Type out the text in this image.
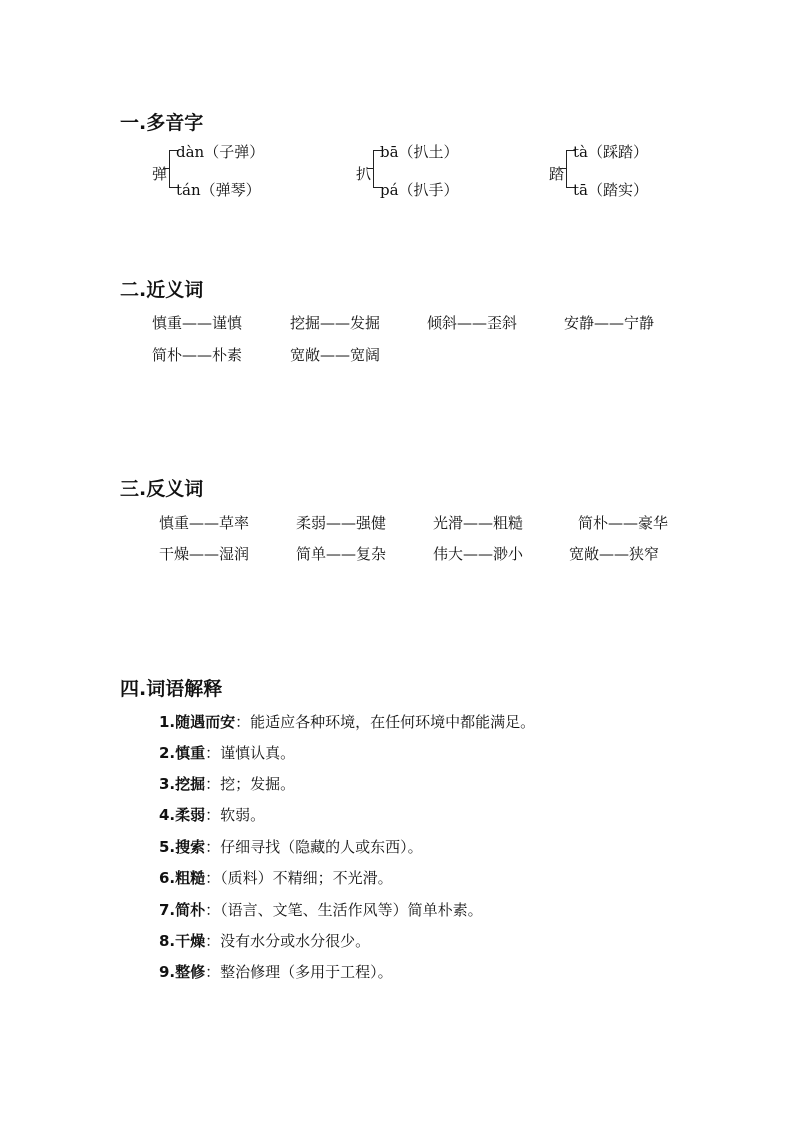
一.多音字
弹
dàn（子弹）
tán（弹琴）
扒
bā（扒土）
pá（扒手）
踏
tà（踩踏）
tā（踏实）
二.近义词
慎重——谨慎	挖掘——发掘	倾斜——歪斜	安静——宁静
简朴——朴素	宽敞——宽阔
三.反义词
慎重——草率	柔弱——强健	光滑——粗糙	简朴——豪华
干燥——湿润	简单——复杂	伟大——渺小	宽敞——狭窄
四.词语解释
1.随遇而安：能适应各种环境，在任何环境中都能满足。
2.慎重：谨慎认真。
3.挖掘：挖；发掘。
4.柔弱：软弱。
5.搜索：仔细寻找（隐藏的人或东西）。
6.粗糙：（质料）不精细；不光滑。
7.简朴：（语言、文笔、生活作风等）简单朴素。
8.干燥：没有水分或水分很少。
9.整修：整治修理（多用于工程）。
